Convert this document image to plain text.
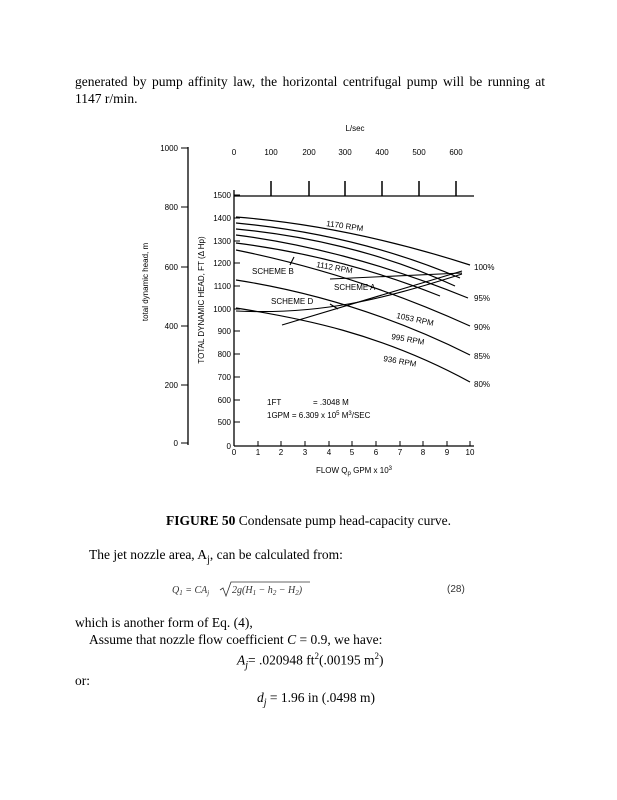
generated by pump affinity law, the horizontal centrifugal pump will be running at 1147 r/min.

L/sec
0	100	200	300	400	500	600
1000
800
600
400
200
0
total dynamic head, m	TOTAL DYNAMIC HEAD, FT (Δ Hp)
1500
1400
1300
1200
1100
1000
900
800
700
600
500
0
0 1 2 3 4 5 6 7 8 9 10
FLOW $Q_p$ GPM x $10^3$
1170 RPM
1112 RPM
1053 RPM
995 RPM
936 RPM
SCHEME A
SCHEME B
SCHEME D
100%
95%
90%
85%
80%
1FT	= .3048 M
1GPM = 6.309 x $10^5$ $M^3$/SEC
FIGURE 50 Condensate pump head-capacity curve.
The jet nozzle area, $A_j$, can be calculated from:
$Q_1 = CA_j$ $2g(H_1 - h_2 - H_2)$	(28)
which is another form of Eq. (4),
Assume that nozzle flow coefficient C = 0.9, we have:
$A_j= .020948$ $ft^2(.00195$ $m^2$)
or:
$d_j = 1.96$ in (.0498 m)
